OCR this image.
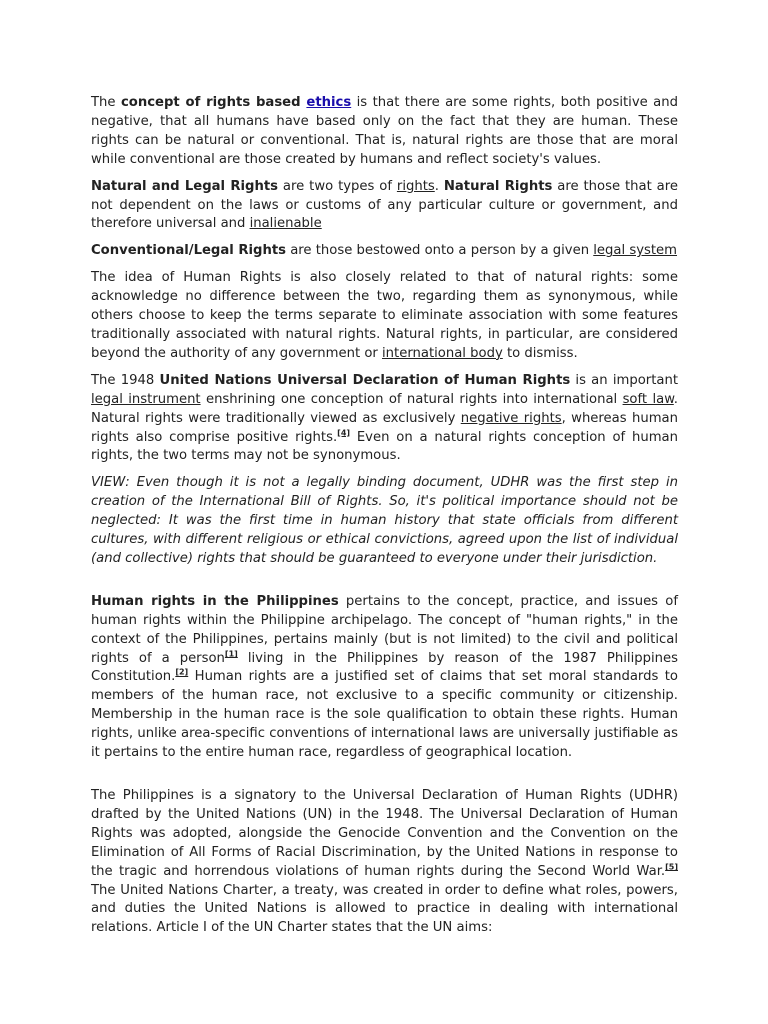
The concept of rights based ethics is that there are some rights, both positive and negative, that all humans have based only on the fact that they are human. These rights can be natural or conventional. That is, natural rights are those that are moral while conventional are those created by humans and reflect society's values.

Natural and Legal Rights are two types of rights. Natural Rights are those that are not dependent on the laws or customs of any particular culture or government, and therefore universal and inalienable

Conventional/Legal Rights are those bestowed onto a person by a given legal system

The idea of Human Rights is also closely related to that of natural rights: some acknowledge no difference between the two, regarding them as synonymous, while others choose to keep the terms separate to eliminate association with some features traditionally associated with natural rights. Natural rights, in particular, are considered beyond the authority of any government or international body to dismiss.

The 1948 United Nations Universal Declaration of Human Rights is an important legal instrument enshrining one conception of natural rights into international soft law. Natural rights were traditionally viewed as exclusively negative rights, whereas human rights also comprise positive rights.[4] Even on a natural rights conception of human rights, the two terms may not be synonymous.

VIEW: Even though it is not a legally binding document, UDHR was the first step in creation of the International Bill of Rights. So, it's political importance should not be neglected: It was the first time in human history that state officials from different cultures, with different religious or ethical convictions, agreed upon the list of individual (and collective) rights that should be guaranteed to everyone under their jurisdiction.

Human rights in the Philippines pertains to the concept, practice, and issues of human rights within the Philippine archipelago. The concept of "human rights," in the context of the Philippines, pertains mainly (but is not limited) to the civil and political rights of a person[1] living in the Philippines by reason of the 1987 Philippines Constitution.[2] Human rights are a justified set of claims that set moral standards to members of the human race, not exclusive to a specific community or citizenship. Membership in the human race is the sole qualification to obtain these rights. Human rights, unlike area-specific conventions of international laws are universally justifiable as it pertains to the entire human race, regardless of geographical location.

The Philippines is a signatory to the Universal Declaration of Human Rights (UDHR) drafted by the United Nations (UN) in the 1948. The Universal Declaration of Human Rights was adopted, alongside the Genocide Convention and the Convention on the Elimination of All Forms of Racial Discrimination, by the United Nations in response to the tragic and horrendous violations of human rights during the Second World War.[5] The United Nations Charter, a treaty, was created in order to define what roles, powers, and duties the United Nations is allowed to practice in dealing with international relations. Article I of the UN Charter states that the UN aims:
